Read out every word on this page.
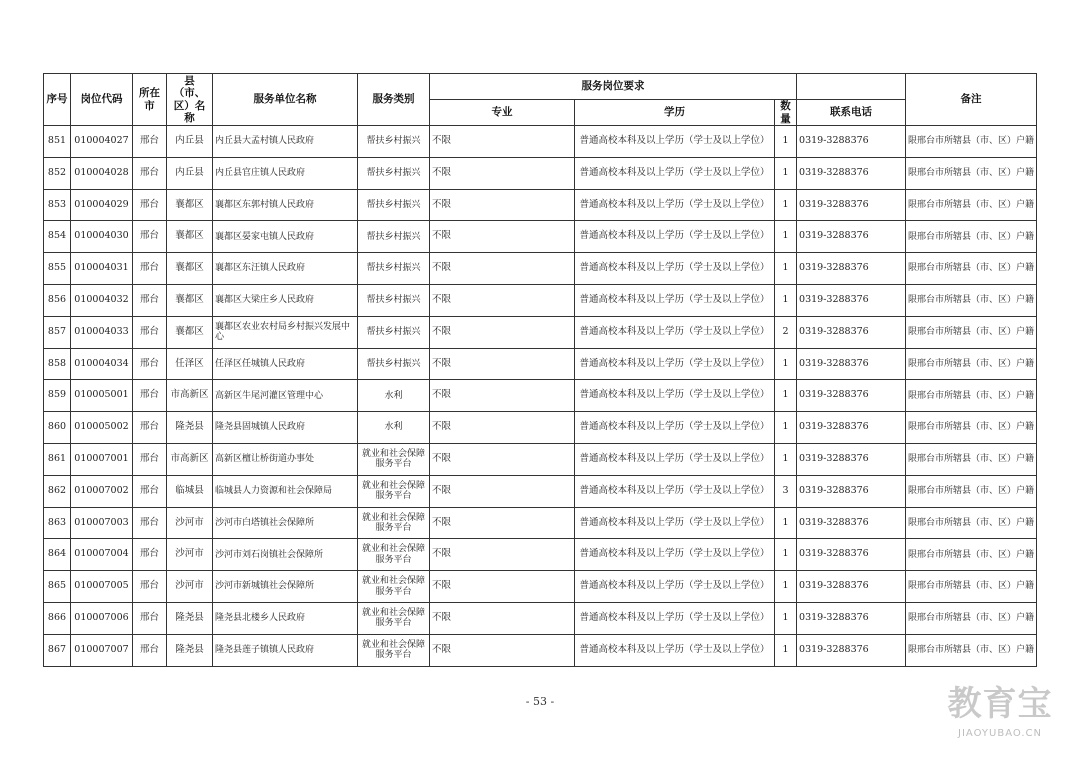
序号	岗位代码	所在市	县（市、区）名称	服务单位名称	服务类别	服务岗位要求				备注
						专业	学历	数量	联系电话	
851	010004027	邢台	内丘县	内丘县大孟村镇人民政府	帮扶乡村振兴	不限	普通高校本科及以上学历（学士及以上学位）	1	0319-3288376	限邢台市所辖县（市、区）户籍
852	010004028	邢台	内丘县	内丘县官庄镇人民政府	帮扶乡村振兴	不限	普通高校本科及以上学历（学士及以上学位）	1	0319-3288376	限邢台市所辖县（市、区）户籍
853	010004029	邢台	襄都区	襄都区东郭村镇人民政府	帮扶乡村振兴	不限	普通高校本科及以上学历（学士及以上学位）	1	0319-3288376	限邢台市所辖县（市、区）户籍
854	010004030	邢台	襄都区	襄都区晏家屯镇人民政府	帮扶乡村振兴	不限	普通高校本科及以上学历（学士及以上学位）	1	0319-3288376	限邢台市所辖县（市、区）户籍
855	010004031	邢台	襄都区	襄都区东汪镇人民政府	帮扶乡村振兴	不限	普通高校本科及以上学历（学士及以上学位）	1	0319-3288376	限邢台市所辖县（市、区）户籍
856	010004032	邢台	襄都区	襄都区大梁庄乡人民政府	帮扶乡村振兴	不限	普通高校本科及以上学历（学士及以上学位）	1	0319-3288376	限邢台市所辖县（市、区）户籍
857	010004033	邢台	襄都区	襄都区农业农村局乡村振兴发展中心	帮扶乡村振兴	不限	普通高校本科及以上学历（学士及以上学位）	2	0319-3288376	限邢台市所辖县（市、区）户籍
858	010004034	邢台	任泽区	任泽区任城镇人民政府	帮扶乡村振兴	不限	普通高校本科及以上学历（学士及以上学位）	1	0319-3288376	限邢台市所辖县（市、区）户籍
859	010005001	邢台	市高新区	高新区牛尾河灌区管理中心	水利	不限	普通高校本科及以上学历（学士及以上学位）	1	0319-3288376	限邢台市所辖县（市、区）户籍
860	010005002	邢台	隆尧县	隆尧县固城镇人民政府	水利	不限	普通高校本科及以上学历（学士及以上学位）	1	0319-3288376	限邢台市所辖县（市、区）户籍
861	010007001	邢台	市高新区	高新区檀让桥街道办事处	就业和社会保障服务平台	不限	普通高校本科及以上学历（学士及以上学位）	1	0319-3288376	限邢台市所辖县（市、区）户籍
862	010007002	邢台	临城县	临城县人力资源和社会保障局	就业和社会保障服务平台	不限	普通高校本科及以上学历（学士及以上学位）	3	0319-3288376	限邢台市所辖县（市、区）户籍
863	010007003	邢台	沙河市	沙河市白塔镇社会保障所	就业和社会保障服务平台	不限	普通高校本科及以上学历（学士及以上学位）	1	0319-3288376	限邢台市所辖县（市、区）户籍
864	010007004	邢台	沙河市	沙河市刘石岗镇社会保障所	就业和社会保障服务平台	不限	普通高校本科及以上学历（学士及以上学位）	1	0319-3288376	限邢台市所辖县（市、区）户籍
865	010007005	邢台	沙河市	沙河市新城镇社会保障所	就业和社会保障服务平台	不限	普通高校本科及以上学历（学士及以上学位）	1	0319-3288376	限邢台市所辖县（市、区）户籍
866	010007006	邢台	隆尧县	隆尧县北楼乡人民政府	就业和社会保障服务平台	不限	普通高校本科及以上学历（学士及以上学位）	1	0319-3288376	限邢台市所辖县（市、区）户籍
867	010007007	邢台	隆尧县	隆尧县莲子镇镇人民政府	就业和社会保障服务平台	不限	普通高校本科及以上学历（学士及以上学位）	1	0319-3288376	限邢台市所辖县（市、区）户籍
- 53 -	教育宝
JIAOYUBAO.CN
